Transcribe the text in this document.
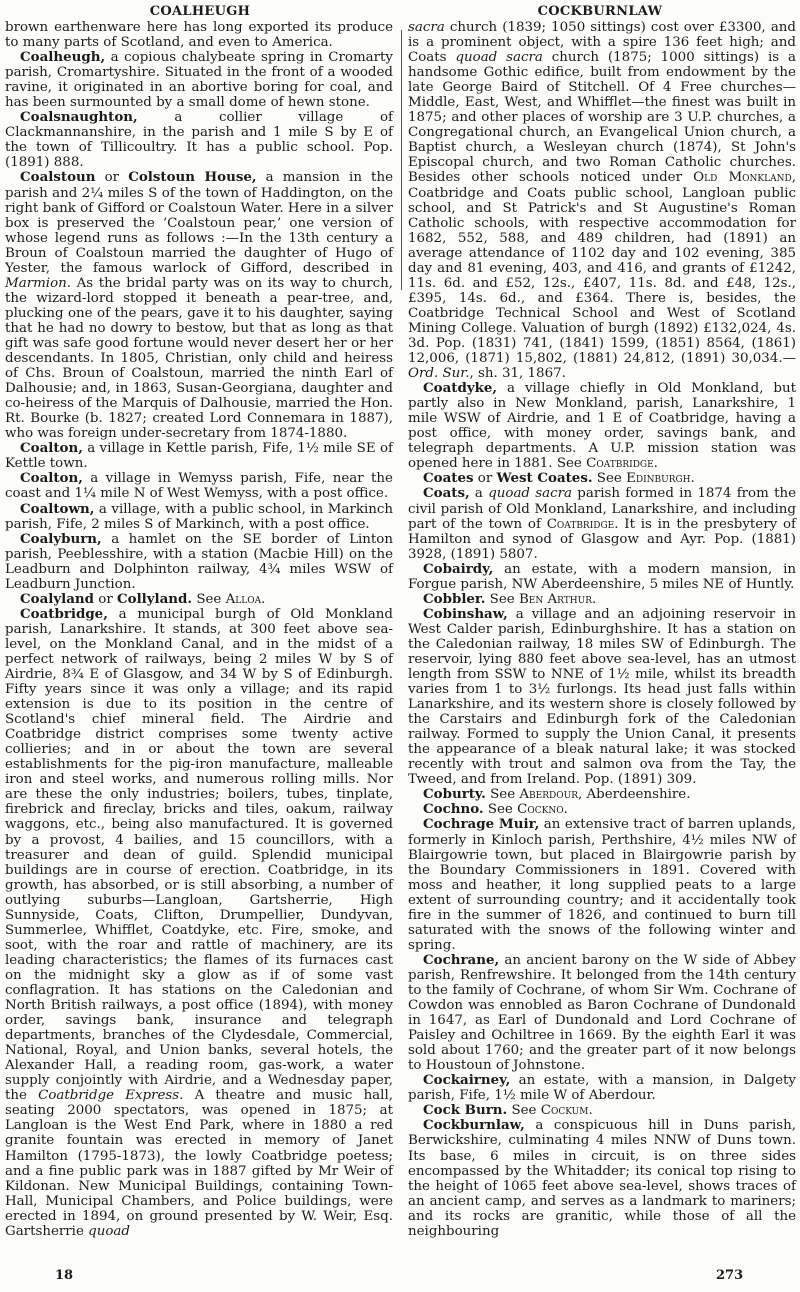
COALHEUGH	COCKBURNLAW

brown earthenware here has long exported its produce to many parts of Scotland, and even to America.

Coalheugh, a copious chalybeate spring in Cromarty parish, Cromartyshire. Situated in the front of a wooded ravine, it originated in an abortive boring for coal, and has been surmounted by a small dome of hewn stone.

Coalsnaughton, a collier village of Clackmannanshire, in the parish and 1 mile S by E of the town of Tillicoultry. It has a public school. Pop. (1891) 888.

Coalstoun or Colstoun House, a mansion in the parish and 2¼ miles S of the town of Haddington, on the right bank of Gifford or Coalstoun Water. Here in a silver box is preserved the ‘Coalstoun pear,’ one version of whose legend runs as follows :—In the 13th century a Broun of Coalstoun married the daughter of Hugo of Yester, the famous warlock of Gifford, described in Marmion. As the bridal party was on its way to church, the wizard-lord stopped it beneath a pear-tree, and, plucking one of the pears, gave it to his daughter, saying that he had no dowry to bestow, but that as long as that gift was safe good fortune would never desert her or her descendants. In 1805, Christian, only child and heiress of Chs. Broun of Coalstoun, married the ninth Earl of Dalhousie; and, in 1863, Susan-Georgiana, daughter and co-heiress of the Marquis of Dalhousie, married the Hon. Rt. Bourke (b. 1827; created Lord Connemara in 1887), who was foreign under-secretary from 1874-1880.

Coalton, a village in Kettle parish, Fife, 1½ mile SE of Kettle town.

Coalton, a village in Wemyss parish, Fife, near the coast and 1¼ mile N of West Wemyss, with a post office.

Coaltown, a village, with a public school, in Markinch parish, Fife, 2 miles S of Markinch, with a post office.

Coalyburn, a hamlet on the SE border of Linton parish, Peeblesshire, with a station (Macbie Hill) on the Leadburn and Dolphinton railway, 4¾ miles WSW of Leadburn Junction.

Coalyland or Collyland. See Alloa.

Coatbridge, a municipal burgh of Old Monkland parish, Lanarkshire. It stands, at 300 feet above sea-level, on the Monkland Canal, and in the midst of a perfect network of railways, being 2 miles W by S of Airdrie, 8¾ E of Glasgow, and 34 W by S of Edinburgh. Fifty years since it was only a village; and its rapid extension is due to its position in the centre of Scotland's chief mineral field. The Airdrie and Coatbridge district comprises some twenty active collieries; and in or about the town are several establishments for the pig-iron manufacture, malleable iron and steel works, and numerous rolling mills. Nor are these the only industries; boilers, tubes, tinplate, firebrick and fireclay, bricks and tiles, oakum, railway waggons, etc., being also manufactured. It is governed by a provost, 4 bailies, and 15 councillors, with a treasurer and dean of guild. Splendid municipal buildings are in course of erection. Coatbridge, in its growth, has absorbed, or is still absorbing, a number of outlying suburbs—Langloan, Gartsherrie, High Sunnyside, Coats, Clifton, Drumpellier, Dundyvan, Summerlee, Whifflet, Coatdyke, etc. Fire, smoke, and soot, with the roar and rattle of machinery, are its leading characteristics; the flames of its furnaces cast on the midnight sky a glow as if of some vast conflagration. It has stations on the Caledonian and North British railways, a post office (1894), with money order, savings bank, insurance and telegraph departments, branches of the Clydesdale, Commercial, National, Royal, and Union banks, several hotels, the Alexander Hall, a reading room, gas-work, a water supply conjointly with Airdrie, and a Wednesday paper, the Coatbridge Express. A theatre and music hall, seating 2000 spectators, was opened in 1875; at Langloan is the West End Park, where in 1880 a red granite fountain was erected in memory of Janet Hamilton (1795-1873), the lowly Coatbridge poetess; and a fine public park was in 1887 gifted by Mr Weir of Kildonan. New Municipal Buildings, containing Town-Hall, Municipal Chambers, and Police buildings, were erected in 1894, on ground presented by W. Weir, Esq. Gartsherrie quoad

sacra church (1839; 1050 sittings) cost over £3300, and is a prominent object, with a spire 136 feet high; and Coats quoad sacra church (1875; 1000 sittings) is a handsome Gothic edifice, built from endowment by the late George Baird of Stitchell. Of 4 Free churches—Middle, East, West, and Whifflet—the finest was built in 1875; and other places of worship are 3 U.P. churches, a Congregational church, an Evangelical Union church, a Baptist church, a Wesleyan church (1874), St John's Episcopal church, and two Roman Catholic churches. Besides other schools noticed under Old Monkland, Coatbridge and Coats public school, Langloan public school, and St Patrick's and St Augustine's Roman Catholic schools, with respective accommodation for 1682, 552, 588, and 489 children, had (1891) an average attendance of 1102 day and 102 evening, 385 day and 81 evening, 403, and 416, and grants of £1242, 11s. 6d. and £52, 12s., £407, 11s. 8d. and £48, 12s., £395, 14s. 6d., and £364. There is, besides, the Coatbridge Technical School and West of Scotland Mining College. Valuation of burgh (1892) £132,024, 4s. 3d. Pop. (1831) 741, (1841) 1599, (1851) 8564, (1861) 12,006, (1871) 15,802, (1881) 24,812, (1891) 30,034.—Ord. Sur., sh. 31, 1867.

Coatdyke, a village chiefly in Old Monkland, but partly also in New Monkland, parish, Lanarkshire, 1 mile WSW of Airdrie, and 1 E of Coatbridge, having a post office, with money order, savings bank, and telegraph departments. A U.P. mission station was opened here in 1881. See Coatbridge.

Coates or West Coates. See Edinburgh.

Coats, a quoad sacra parish formed in 1874 from the civil parish of Old Monkland, Lanarkshire, and including part of the town of Coatbridge. It is in the presbytery of Hamilton and synod of Glasgow and Ayr. Pop. (1881) 3928, (1891) 5807.

Cobairdy, an estate, with a modern mansion, in Forgue parish, NW Aberdeenshire, 5 miles NE of Huntly.

Cobbler. See Ben Arthur.

Cobinshaw, a village and an adjoining reservoir in West Calder parish, Edinburghshire. It has a station on the Caledonian railway, 18 miles SW of Edinburgh. The reservoir, lying 880 feet above sea-level, has an utmost length from SSW to NNE of 1½ mile, whilst its breadth varies from 1 to 3½ furlongs. Its head just falls within Lanarkshire, and its western shore is closely followed by the Carstairs and Edinburgh fork of the Caledonian railway. Formed to supply the Union Canal, it presents the appearance of a bleak natural lake; it was stocked recently with trout and salmon ova from the Tay, the Tweed, and from Ireland. Pop. (1891) 309.

Coburty. See Aberdour, Aberdeenshire.

Cochno. See Cockno.

Cochrage Muir, an extensive tract of barren uplands, formerly in Kinloch parish, Perthshire, 4½ miles NW of Blairgowrie town, but placed in Blairgowrie parish by the Boundary Commissioners in 1891. Covered with moss and heather, it long supplied peats to a large extent of surrounding country; and it accidentally took fire in the summer of 1826, and continued to burn till saturated with the snows of the following winter and spring.

Cochrane, an ancient barony on the W side of Abbey parish, Renfrewshire. It belonged from the 14th century to the family of Cochrane, of whom Sir Wm. Cochrane of Cowdon was ennobled as Baron Cochrane of Dundonald in 1647, as Earl of Dundonald and Lord Cochrane of Paisley and Ochiltree in 1669. By the eighth Earl it was sold about 1760; and the greater part of it now belongs to Houstoun of Johnstone.

Cockairney, an estate, with a mansion, in Dalgety parish, Fife, 1½ mile W of Aberdour.

Cock Burn. See Cockum.

Cockburnlaw, a conspicuous hill in Duns parish, Berwickshire, culminating 4 miles NNW of Duns town. Its base, 6 miles in circuit, is on three sides encompassed by the Whitadder; its conical top rising to the height of 1065 feet above sea-level, shows traces of an ancient camp, and serves as a landmark to mariners; and its rocks are granitic, while those of all the neighbouring

18	273
